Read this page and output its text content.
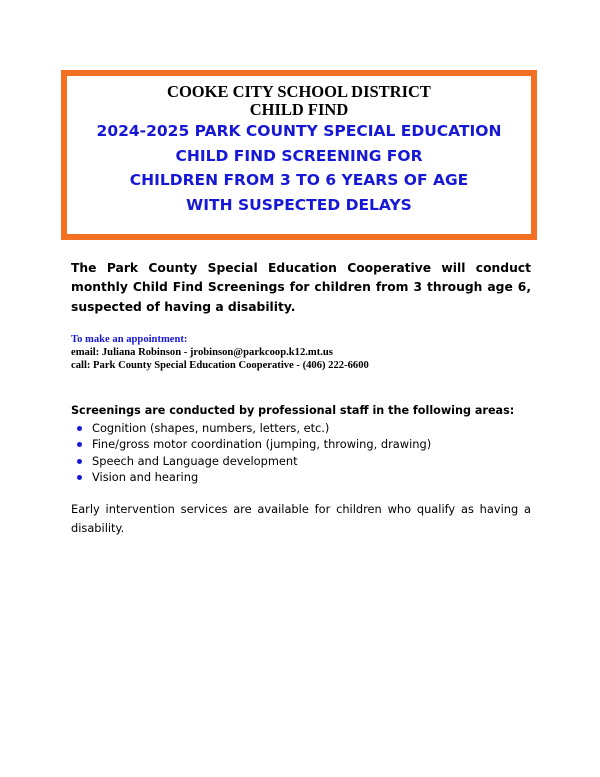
COOKE CITY SCHOOL DISTRICT

CHILD FIND

2024-2025 PARK COUNTY SPECIAL EDUCATION

CHILD FIND SCREENING FOR

CHILDREN FROM 3 TO 6 YEARS OF AGE

WITH SUSPECTED DELAYS

The Park County Special Education Cooperative will conduct monthly Child Find Screenings for children from 3 through age 6, suspected of having a disability.

To make an appointment:
email: Juliana Robinson - jrobinson@parkcoop.k12.mt.us
call: Park County Special Education Cooperative - (406) 222-6600

Screenings are conducted by professional staff in the following areas:

Cognition (shapes, numbers, letters, etc.)
Fine/gross motor coordination (jumping, throwing, drawing)
Speech and Language development
Vision and hearing

Early intervention services are available for children who qualify as having a disability.
